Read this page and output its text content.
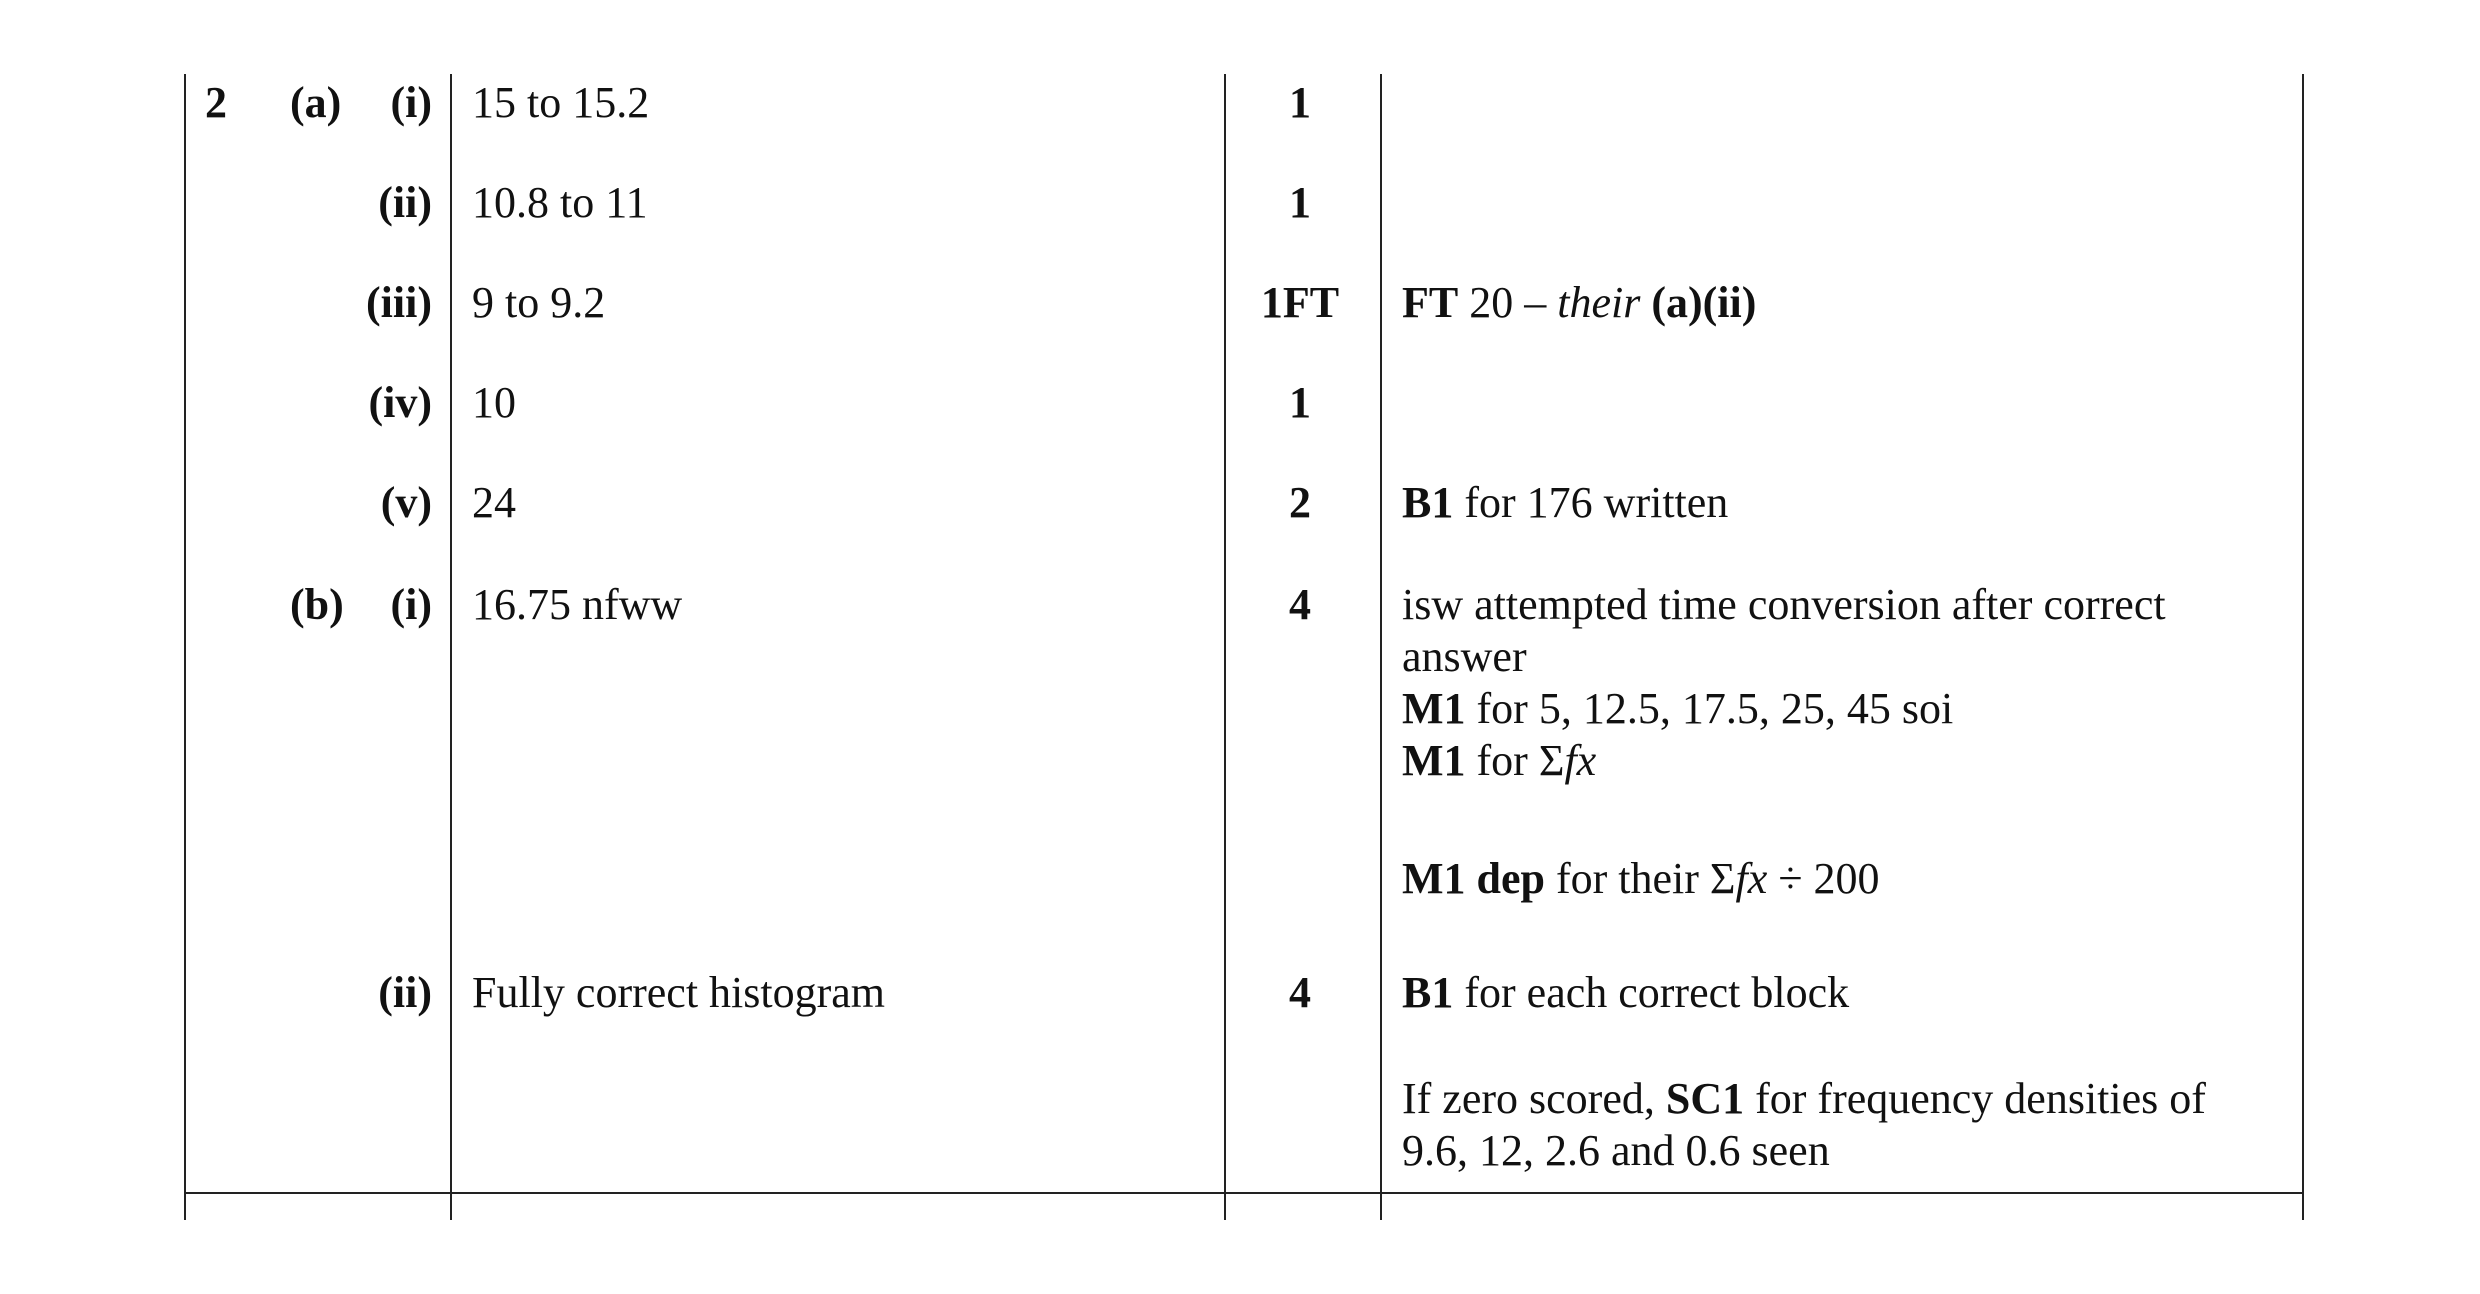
2	(a)	(i) 15 to 15.2	1
(ii) 10.8 to 11	1
(iii) 9 to 9.2	1FT	FT 20 – their (a)(ii)
(iv) 10	1
(v) 24	2	B1 for 176 written
(b)	(i) 16.75 nfww	4	isw attempted time conversion after correct
answer
M1 for 5, 12.5, 17.5, 25, 45 soi
M1 for Σfx
M1 dep for their Σfx ÷ 200
(ii) Fully correct histogram	4	B1 for each correct block
If zero scored, SC1 for frequency densities of
9.6, 12, 2.6 and 0.6 seen
